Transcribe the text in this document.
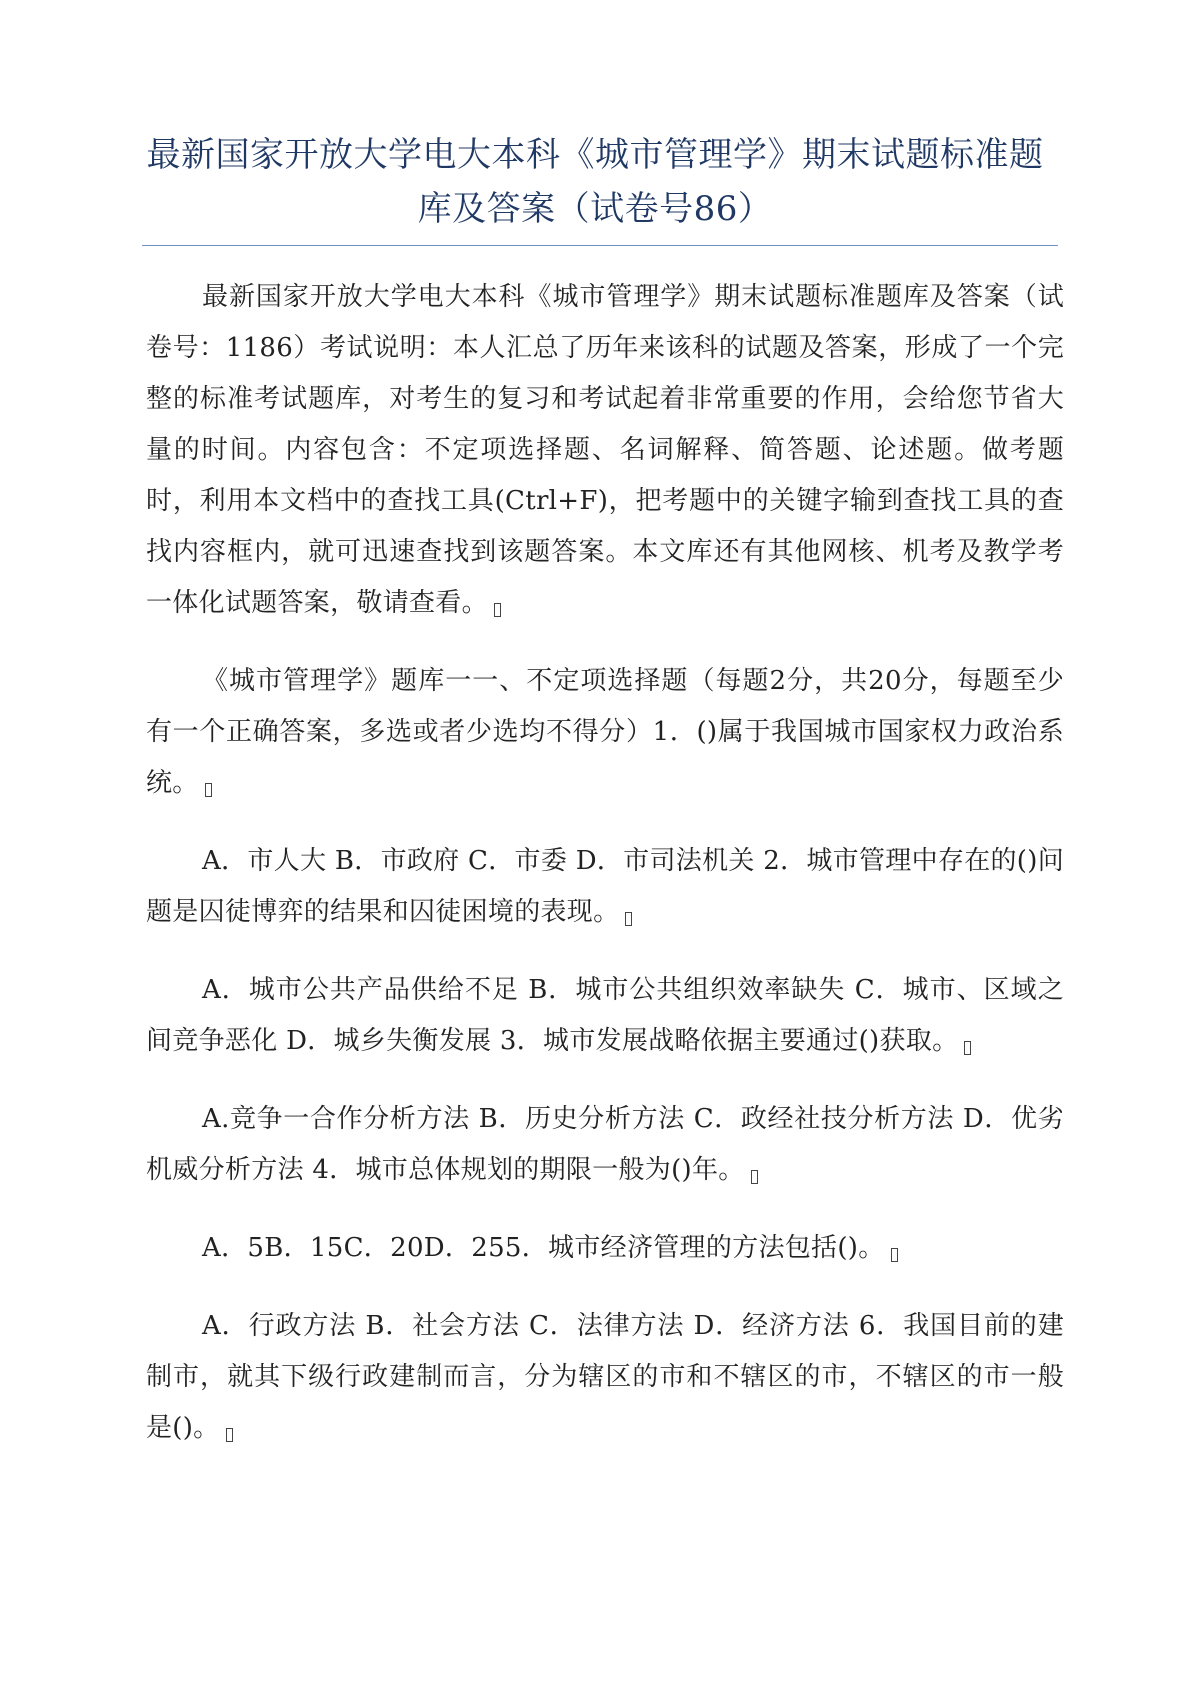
最新国家开放大学电大本科《城市管理学》期末试题标准题库及答案（试卷号86）

最新国家开放大学电大本科《城市管理学》期末试题标准题库及答案（试卷号：1186）考试说明：本人汇总了历年来该科的试题及答案，形成了一个完整的标准考试题库，对考生的复习和考试起着非常重要的作用，会给您节省大量的时间。内容包含：不定项选择题、名词解释、简答题、论述题。做考题时，利用本文档中的查找工具(Ctrl+F)，把考题中的关键字输到查找工具的查找内容框内，就可迅速查找到该题答案。本文库还有其他网核、机考及教学考一体化试题答案，敬请查看。

《城市管理学》题库一一、不定项选择题（每题2分，共20分，每题至少有一个正确答案，多选或者少选均不得分）1．()属于我国城市国家权力政治系统。

A．市人大 B．市政府 C．市委 D．市司法机关 2．城市管理中存在的()问题是囚徒博弈的结果和囚徒困境的表现。

A．城市公共产品供给不足 B．城市公共组织效率缺失 C．城市、区域之间竞争恶化 D．城乡失衡发展 3．城市发展战略依据主要通过()获取。

A.竞争一合作分析方法 B．历史分析方法 C．政经社技分析方法 D．优劣机威分析方法 4．城市总体规划的期限一般为()年。

A．5B．15C．20D．255．城市经济管理的方法包括()。

A．行政方法 B．社会方法 C．法律方法 D．经济方法 6．我国目前的建制市，就其下级行政建制而言，分为辖区的市和不辖区的市，不辖区的市一般是()。
